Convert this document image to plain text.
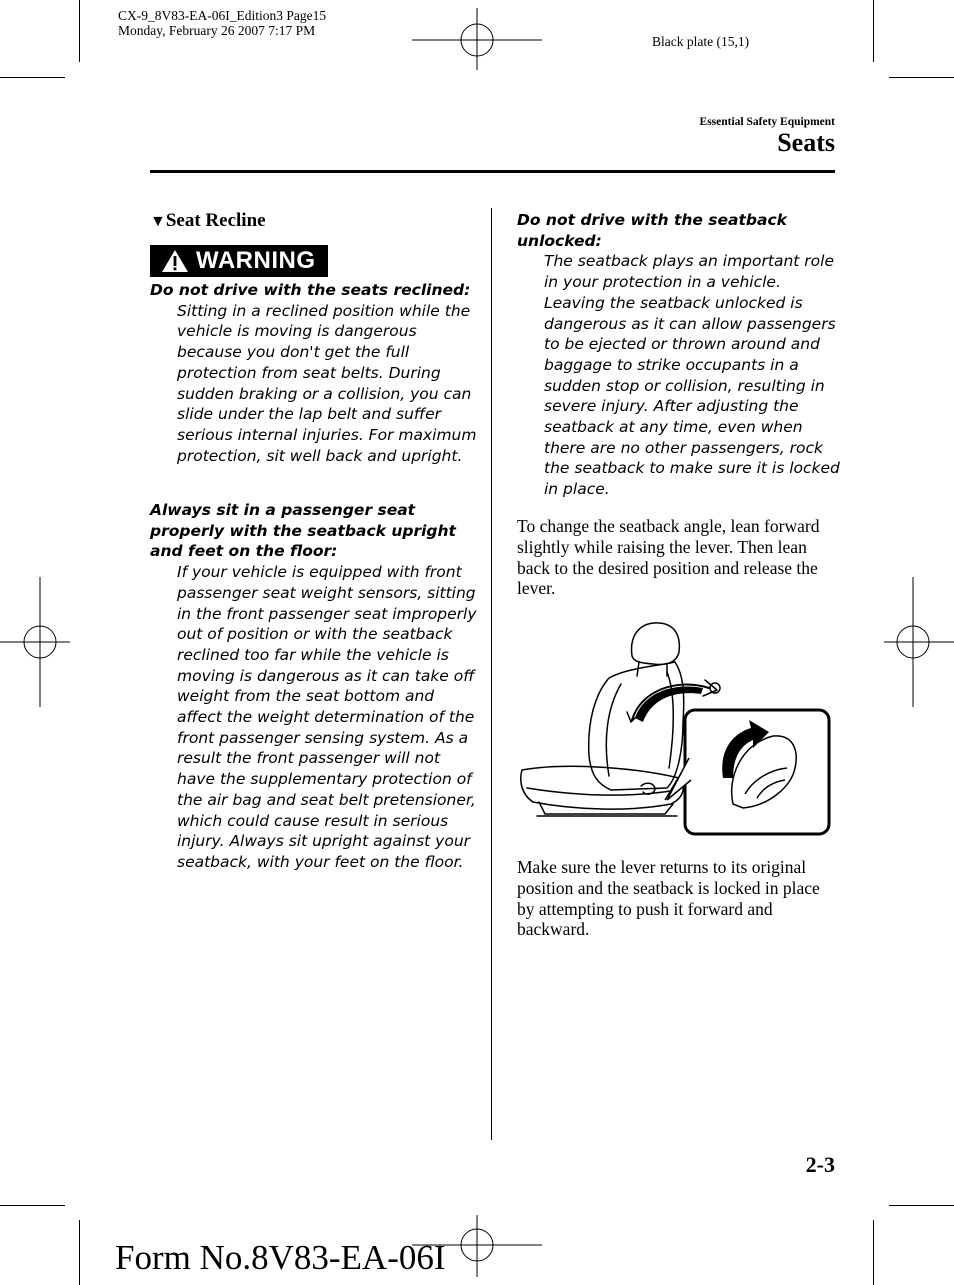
CX-9_8V83-EA-06I_Edition3 Page15
Monday, February 26 2007 7:17 PM
Black plate (15,1)
Essential Safety Equipment
Seats
▼Seat Recline
WARNING
Do not drive with the seats reclined:
Sitting in a reclined position while the vehicle is moving is dangerous because you don't get the full protection from seat belts. During sudden braking or a collision, you can slide under the lap belt and suffer serious internal injuries. For maximum protection, sit well back and upright.
Always sit in a passenger seat properly with the seatback upright and feet on the floor:
If your vehicle is equipped with front passenger seat weight sensors, sitting in the front passenger seat improperly out of position or with the seatback reclined too far while the vehicle is moving is dangerous as it can take off weight from the seat bottom and affect the weight determination of the front passenger sensing system. As a result the front passenger will not have the supplementary protection of the air bag and seat belt pretensioner, which could cause result in serious injury. Always sit upright against your seatback, with your feet on the floor.
Do not drive with the seatback unlocked:
The seatback plays an important role in your protection in a vehicle. Leaving the seatback unlocked is dangerous as it can allow passengers to be ejected or thrown around and baggage to strike occupants in a sudden stop or collision, resulting in severe injury. After adjusting the seatback at any time, even when there are no other passengers, rock the seatback to make sure it is locked in place.
To change the seatback angle, lean forward slightly while raising the lever. Then lean back to the desired position and release the lever.
Make sure the lever returns to its original position and the seatback is locked in place by attempting to push it forward and backward.
2-3
Form No.8V83-EA-06I
